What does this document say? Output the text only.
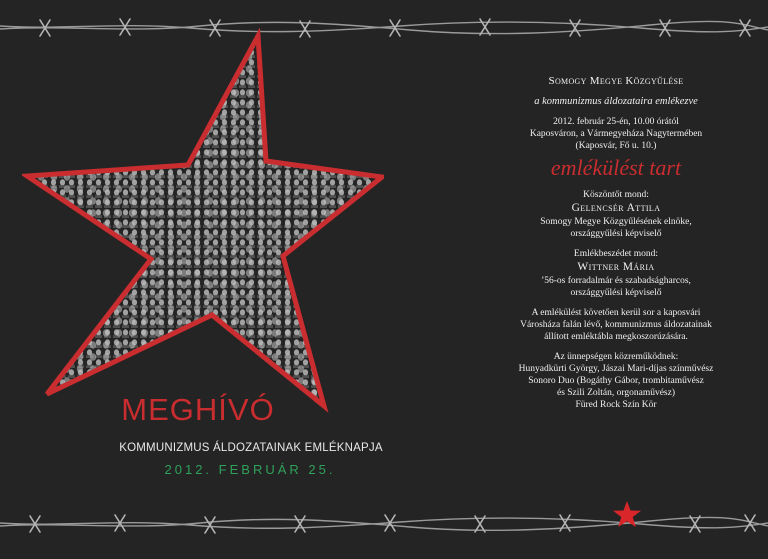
MEGHÍVÓ
KOMMUNIZMUS ÁLDOZATAINAK EMLÉKNAPJA
2012. FEBRUÁR 25.
Somogy Megye Közgyűlése
a kommunizmus áldozataira emlékezve
2012. február 25-én, 10.00 órától
Kaposváron, a Vármegyeháza Nagytermében
(Kaposvár, Fő u. 10.)
emlékülést tart
Köszöntőt mond:
Gelencsér Attila
Somogy Megye Közgyűlésének elnöke,
országgyűlési képviselő
Emlékbeszédet mond:
Wittner Mária
’56-os forradalmár és szabadságharcos,
országgyűlési képviselő
A emlékülést követően kerül sor a kaposvári
Városháza falán lévő, kommunizmus áldozatainak
állított emléktábla megkoszorúzására.
Az ünnepségen közreműködnek:
Hunyadkürti György, Jászai Mari-díjas színművész
Sonoro Duo (Bogáthy Gábor, trombitaművész
és Szili Zoltán, orgonaművész)
Füred Rock Szín Kör
